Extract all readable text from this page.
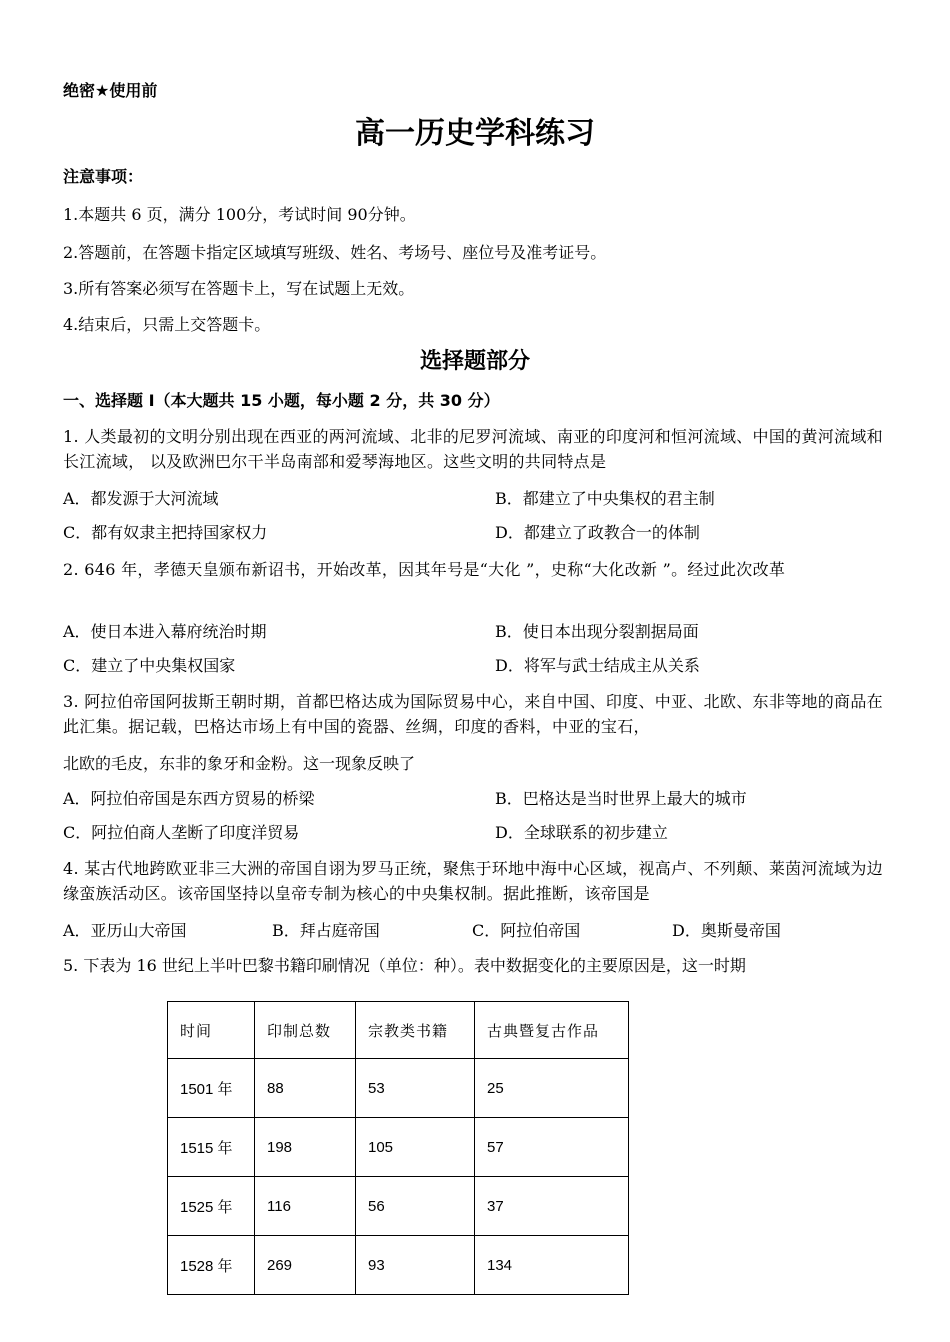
绝密★使用前
高一历史学科练习
注意事项：
1.本题共 6 页，满分 100分，考试时间 90分钟。
2.答题前，在答题卡指定区域填写班级、姓名、考场号、座位号及准考证号。
3.所有答案必须写在答题卡上，写在试题上无效。
4.结束后，只需上交答题卡。
选择题部分
一、选择题 Ⅰ（本大题共 15 小题，每小题 2 分，共 30 分）
1. 人类最初的文明分别出现在西亚的两河流域、北非的尼罗河流域、南亚的印度河和恒河流域、中国的黄河流域和长江流域， 以及欧洲巴尔干半岛南部和爱琴海地区。这些文明的共同特点是
A．都发源于大河流域	B．都建立了中央集权的君主制
C．都有奴隶主把持国家权力	D．都建立了政教合一的体制
2. 646 年，孝德天皇颁布新诏书，开始改革，因其年号是“大化 ”，史称“大化改新 ”。经过此次改革
A．使日本进入幕府统治时期	B．使日本出现分裂割据局面
C．建立了中央集权国家	D．将军与武士结成主从关系
3. 阿拉伯帝国阿拔斯王朝时期，首都巴格达成为国际贸易中心，来自中国、印度、中亚、北欧、东非等地的商品在此汇集。据记载，巴格达市场上有中国的瓷器、丝绸，印度的香料，中亚的宝石，
北欧的毛皮，东非的象牙和金粉。这一现象反映了
A．阿拉伯帝国是东西方贸易的桥梁	B．巴格达是当时世界上最大的城市
C．阿拉伯商人垄断了印度洋贸易	D．全球联系的初步建立
4. 某古代地跨欧亚非三大洲的帝国自诩为罗马正统，聚焦于环地中海中心区域，视高卢、不列颠、莱茵河流域为边缘蛮族活动区。该帝国坚持以皇帝专制为核心的中央集权制。据此推断，该帝国是
A．亚历山大帝国	B．拜占庭帝国	C．阿拉伯帝国	D．奥斯曼帝国
5. 下表为 16 世纪上半叶巴黎书籍印刷情况（单位：种）。表中数据变化的主要原因是，这一时期
时间	印制总数	宗教类书籍	古典暨复古作品
1501 年	88	53	25
1515 年	198	105	57
1525 年	116	56	37
1528 年	269	93	134
